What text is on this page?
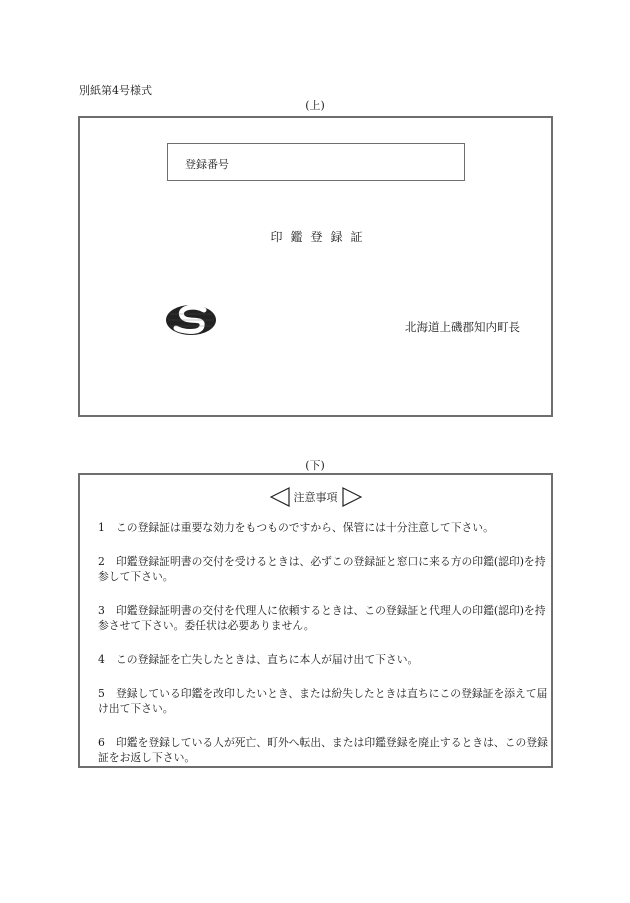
別紙第4号様式
(上)
登録番号
印鑑登録証
北海道上磯郡知内町長
(下)
注意事項
1 この登録証は重要な効力をもつものですから、保管には十分注意して下さい。
2 印鑑登録証明書の交付を受けるときは、必ずこの登録証と窓口に来る方の印鑑(認印)を持参して下さい。
3 印鑑登録証明書の交付を代理人に依頼するときは、この登録証と代理人の印鑑(認印)を持参させて下さい。委任状は必要ありません。
4 この登録証を亡失したときは、直ちに本人が届け出て下さい。
5 登録している印鑑を改印したいとき、または紛失したときは直ちにこの登録証を添えて届け出て下さい。
6 印鑑を登録している人が死亡、町外へ転出、または印鑑登録を廃止するときは、この登録証をお返し下さい。
